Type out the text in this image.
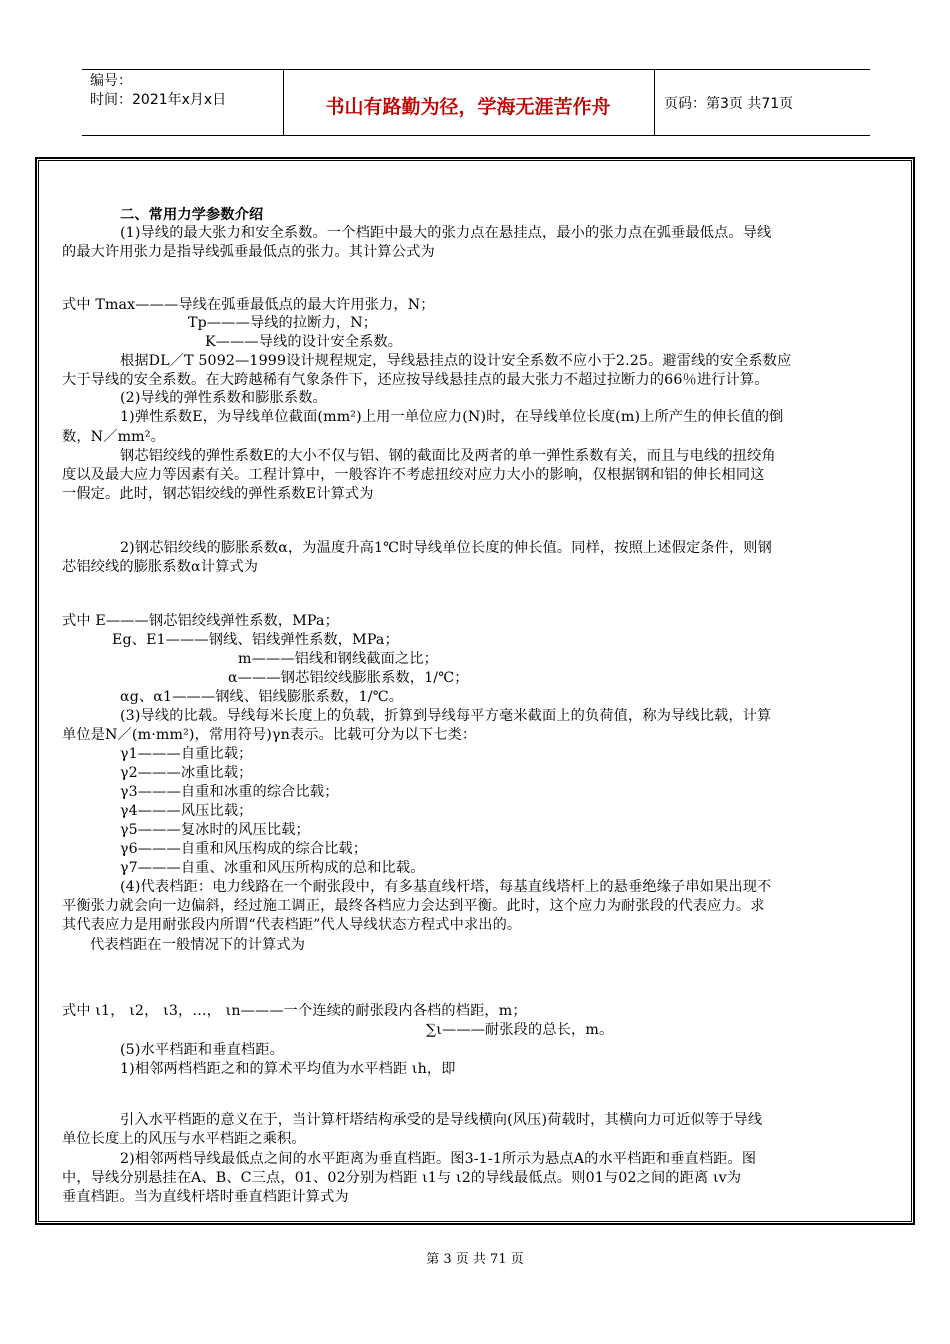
编号：
时间：2021年x月x日	书山有路勤为径，学海无涯苦作舟	页码：第3页 共71页
二、常用力学参数介绍
(1)导线的最大张力和安全系数。一个档距中最大的张力点在悬挂点，最小的张力点在弧垂最低点。导线
的最大许用张力是指导线弧垂最低点的张力。其计算公式为
式中 Tmax———导线在弧垂最低点的最大许用张力，N；
Tp———导线的拉断力，N；
K———导线的设计安全系数。
根据DL／T 5092—1999设计规程规定，导线悬挂点的设计安全系数不应小于2.25。避雷线的安全系数应
大于导线的安全系数。在大跨越稀有气象条件下，还应按导线悬挂点的最大张力不超过拉断力的66％进行计算。
(2)导线的弹性系数和膨胀系数。
1)弹性系数E，为导线单位截面(mm²)上用一单位应力(N)时，在导线单位长度(m)上所产生的伸长值的倒
数，N／mm²。
钢芯铝绞线的弹性系数E的大小不仅与铝、钢的截面比及两者的单一弹性系数有关，而且与电线的扭绞角
度以及最大应力等因素有关。工程计算中，一般容许不考虑扭绞对应力大小的影响，仅根据钢和铝的伸长相同这
一假定。此时，钢芯铝绞线的弹性系数E计算式为
2)钢芯铝绞线的膨胀系数α，为温度升高1℃时导线单位长度的伸长值。同样，按照上述假定条件，则钢
芯铝绞线的膨胀系数α计算式为
式中 E———钢芯铝绞线弹性系数，MPa；
Eg、E1———钢线、铝线弹性系数，MPa；
m———铝线和钢线截面之比；
α———钢芯铝绞线膨胀系数，1/℃；
αg、α1———钢线、铝线膨胀系数，1/℃。
(3)导线的比载。导线每米长度上的负载，折算到导线每平方毫米截面上的负荷值，称为导线比载，计算
单位是N／(m·mm²)，常用符号)γn表示。比载可分为以下七类：
γ1———自重比载；
γ2———冰重比载；
γ3———自重和冰重的综合比载；
γ4———风压比载；
γ5———复冰时的风压比载；
γ6———自重和风压构成的综合比载；
γ7———自重、冰重和风压所构成的总和比载。
(4)代表档距：电力线路在一个耐张段中，有多基直线杆塔，每基直线塔杆上的悬垂绝缘子串如果出现不
平衡张力就会向一边偏斜，经过施工调正，最终各档应力会达到平衡。此时，这个应力为耐张段的代表应力。求
其代表应力是用耐张段内所谓“代表档距”代人导线状态方程式中求出的。
代表档距在一般情况下的计算式为
式中 ι1， ι2， ι3，…， ιn———一个连续的耐张段内各档的档距，m；
∑ι———耐张段的总长，m。
(5)水平档距和垂直档距。
1)相邻两档档距之和的算术平均值为水平档距 ιh，即
引入水平档距的意义在于，当计算杆塔结构承受的是导线横向(风压)荷载时，其横向力可近似等于导线
单位长度上的风压与水平档距之乘积。
2)相邻两档导线最低点之间的水平距离为垂直档距。图3-1-1所示为悬点A的水平档距和垂直档距。图
中，导线分别悬挂在A、B、C三点，01、02分别为档距 ι1与 ι2的导线最低点。则01与02之间的距离 ιv为
垂直档距。当为直线杆塔时垂直档距计算式为
第 3 页 共 71 页
